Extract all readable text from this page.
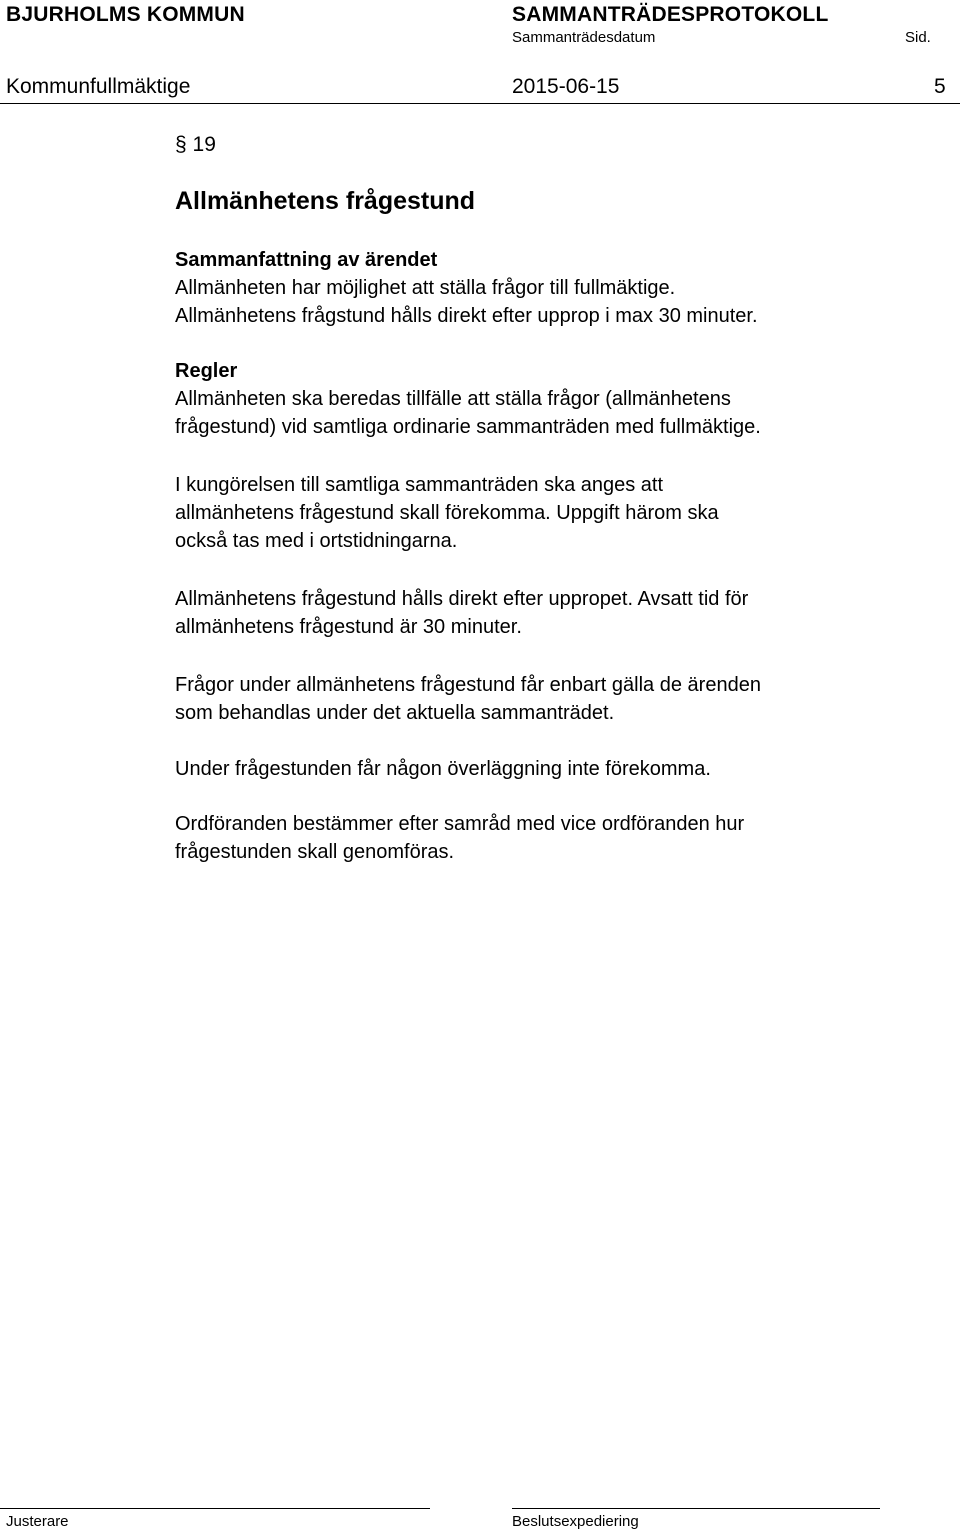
BJURHOLMS KOMMUN	SAMMANTRÄDESPROTOKOLL
Sammanträdesdatum	Sid.
Kommunfullmäktige	2015-06-15	5
§ 19
Allmänhetens frågestund

Sammanfattning av ärendet

Allmänheten har möjlighet att ställa frågor till fullmäktige.

Allmänhetens frågstund hålls direkt efter upprop i max 30 minuter.

Regler

Allmänheten ska beredas tillfälle att ställa frågor (allmänhetens

frågestund) vid samtliga ordinarie sammanträden med fullmäktige.

I kungörelsen till samtliga sammanträden ska anges att

allmänhetens frågestund skall förekomma. Uppgift härom ska

också tas med i ortstidningarna.

Allmänhetens frågestund hålls direkt efter uppropet. Avsatt tid för

allmänhetens frågestund är 30 minuter.

Frågor under allmänhetens frågestund får enbart gälla de ärenden

som behandlas under det aktuella sammanträdet.

Under frågestunden får någon överläggning inte förekomma.

Ordföranden bestämmer efter samråd med vice ordföranden hur

frågestunden skall genomföras.

Justerare	Beslutsexpediering
